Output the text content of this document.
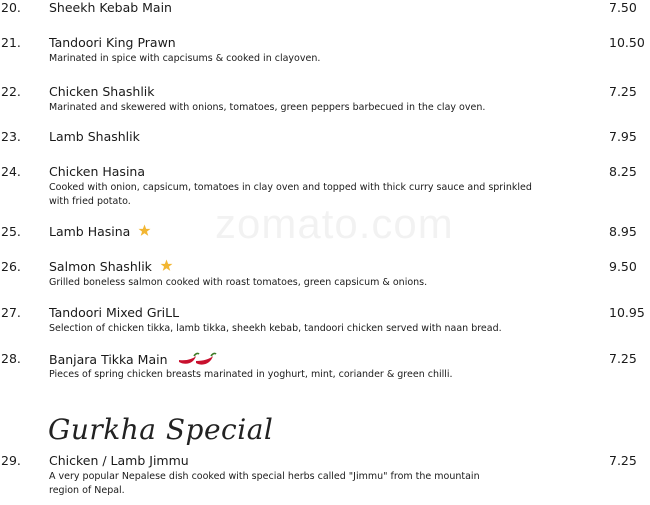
zomato.com
20. Sheekh Kebab Main	7.50
21. Tandoori King Prawn	10.50
Marinated in spice with capcisums & cooked in clayoven.
22. Chicken Shashlik	7.25
Marinated and skewered with onions, tomatoes, green peppers barbecued in the clay oven.
23. Lamb Shashlik	7.95
24. Chicken Hasina	8.25
Cooked with onion, capsicum, tomatoes in clay oven and topped with thick curry sauce and sprinkled with fried potato.
25. Lamb Hasina	8.95
26. Salmon Shashlik	9.50
Grilled boneless salmon cooked with roast tomatoes, green capsicum & onions.
27. Tandoori Mixed GriLL	10.95
Selection of chicken tikka, lamb tikka, sheekh kebab, tandoori chicken served with naan bread.
28. Banjara Tikka Main	7.25
Pieces of spring chicken breasts marinated in yoghurt, mint, coriander & green chilli.
Gurkha Special
29. Chicken / Lamb Jimmu	7.25
A very popular Nepalese dish cooked with special herbs called "Jimmu" from the mountain region of Nepal.
